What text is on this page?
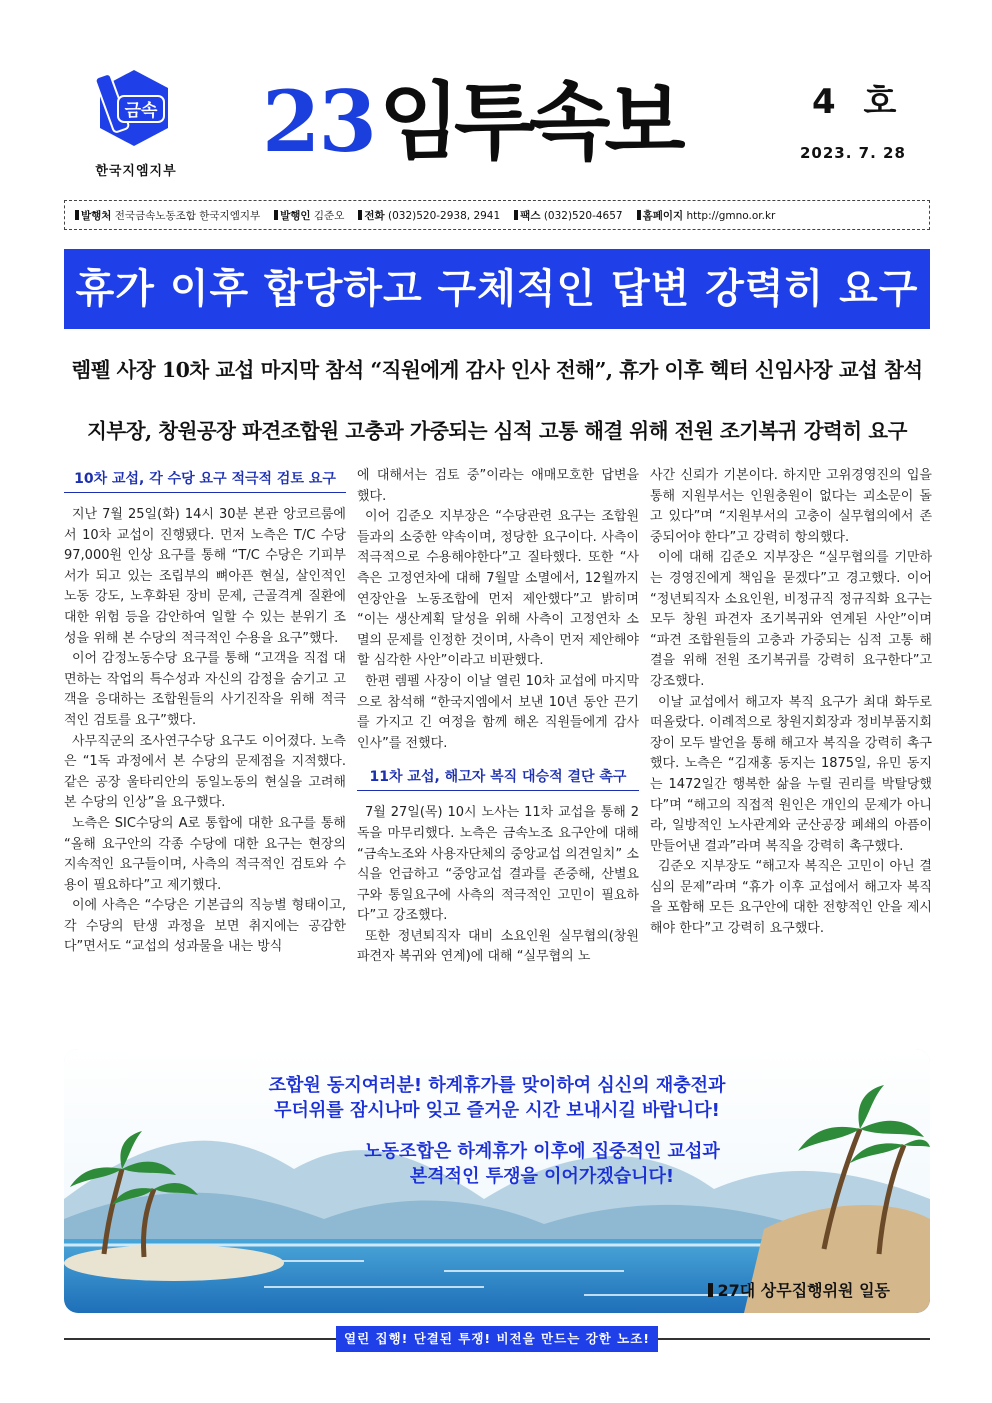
금속
한국지엠지부
23임투속보	4 호
2023. 7. 28
발행처 전국금속노동조합 한국지엠지부	발행인 김준오	전화 (032)520-2938, 2941	팩스 (032)520-4657	홈페이지 http://gmno.or.kr
휴가 이후 합당하고 구체적인 답변 강력히 요구
렘펠 사장 10차 교섭 마지막 참석 “직원에게 감사 인사 전해”, 휴가 이후 헥터 신임사장 교섭 참석
지부장, 창원공장 파견조합원 고충과 가중되는 심적 고통 해결 위해 전원 조기복귀 강력히 요구
10차 교섭, 각 수당 요구 적극적 검토 요구

지난 7월 25일(화) 14시 30분 본관 앙코르룸에서 10차 교섭이 진행됐다. 먼저 노측은 T/C 수당 97,000원 인상 요구를 통해 “T/C 수당은 기피부서가 되고 있는 조립부의 뼈아픈 현실, 살인적인 노동 강도, 노후화된 장비 문제, 근골격계 질환에 대한 위험 등을 감안하여 일할 수 있는 분위기 조성을 위해 본 수당의 적극적인 수용을 요구”했다.

이어 감정노동수당 요구를 통해 “고객을 직접 대면하는 작업의 특수성과 자신의 감정을 숨기고 고객을 응대하는 조합원들의 사기진작을 위해 적극적인 검토를 요구”했다.

사무직군의 조사연구수당 요구도 이어졌다. 노측은 “1독 과정에서 본 수당의 문제점을 지적했다. 같은 공장 울타리안의 동일노동의 현실을 고려해 본 수당의 인상”을 요구했다.

노측은 SIC수당의 A로 통합에 대한 요구를 통해 “올해 요구안의 각종 수당에 대한 요구는 현장의 지속적인 요구들이며, 사측의 적극적인 검토와 수용이 필요하다”고 제기했다.

이에 사측은 “수당은 기본급의 직능별 형태이고, 각 수당의 탄생 과정을 보면 취지에는 공감한다”면서도 “교섭의 성과물을 내는 방식

에 대해서는 검토 중”이라는 애매모호한 답변을 했다.

이어 김준오 지부장은 “수당관련 요구는 조합원들과의 소중한 약속이며, 정당한 요구이다. 사측이 적극적으로 수용해야한다”고 질타했다. 또한 “사측은 고정연차에 대해 7월말 소멸에서, 12월까지 연장안을 노동조합에 먼저 제안했다”고 밝히며 “이는 생산계획 달성을 위해 사측이 고정연차 소멸의 문제를 인정한 것이며, 사측이 먼저 제안해야할 심각한 사안”이라고 비판했다.

한편 렘펠 사장이 이날 열린 10차 교섭에 마지막으로 참석해 “한국지엠에서 보낸 10년 동안 끈기를 가지고 긴 여정을 함께 해온 직원들에게 감사 인사”를 전했다.

11차 교섭, 해고자 복직 대승적 결단 촉구

7월 27일(목) 10시 노사는 11차 교섭을 통해 2독을 마무리했다. 노측은 금속노조 요구안에 대해 “금속노조와 사용자단체의 중앙교섭 의견일치” 소식을 언급하고 “중앙교섭 결과를 존중해, 산별요구와 통일요구에 사측의 적극적인 고민이 필요하다”고 강조했다.

또한 정년퇴직자 대비 소요인원 실무협의(창원 파견자 복귀와 연계)에 대해 “실무협의 노

사간 신뢰가 기본이다. 하지만 고위경영진의 입을 통해 지원부서는 인원충원이 없다는 괴소문이 돌고 있다”며 “지원부서의 고충이 실무협의에서 존중되어야 한다”고 강력히 항의했다.

이에 대해 김준오 지부장은 “실무협의를 기만하는 경영진에게 책임을 묻겠다”고 경고했다. 이어 “정년퇴직자 소요인원, 비정규직 정규직화 요구는 모두 창원 파견자 조기복귀와 연계된 사안”이며 “파견 조합원들의 고충과 가중되는 심적 고통 해결을 위해 전원 조기복귀를 강력히 요구한다”고 강조했다.

이날 교섭에서 해고자 복직 요구가 최대 화두로 떠올랐다. 이례적으로 창원지회장과 정비부품지회장이 모두 발언을 통해 해고자 복직을 강력히 촉구했다. 노측은 “김재홍 동지는 1875일, 유민 동지는 1472일간 행복한 삶을 누릴 권리를 박탈당했다”며 “해고의 직접적 원인은 개인의 문제가 아니라, 일방적인 노사관계와 군산공장 폐쇄의 아픔이 만들어낸 결과”라며 복직을 강력히 촉구했다.

김준오 지부장도 “해고자 복직은 고민이 아닌 결심의 문제”라며 “휴가 이후 교섭에서 해고자 복직을 포함해 모든 요구안에 대한 전향적인 안을 제시해야 한다”고 강력히 요구했다.

조합원 동지여러분! 하계휴가를 맞이하여 심신의 재충전과
무더위를 잠시나마 잊고 즐거운 시간 보내시길 바랍니다!
노동조합은 하계휴가 이후에 집중적인 교섭과
본격적인 투쟁을 이어가겠습니다!
27대 상무집행위원 일동
열린 집행! 단결된 투쟁! 비전을 만드는 강한 노조!
